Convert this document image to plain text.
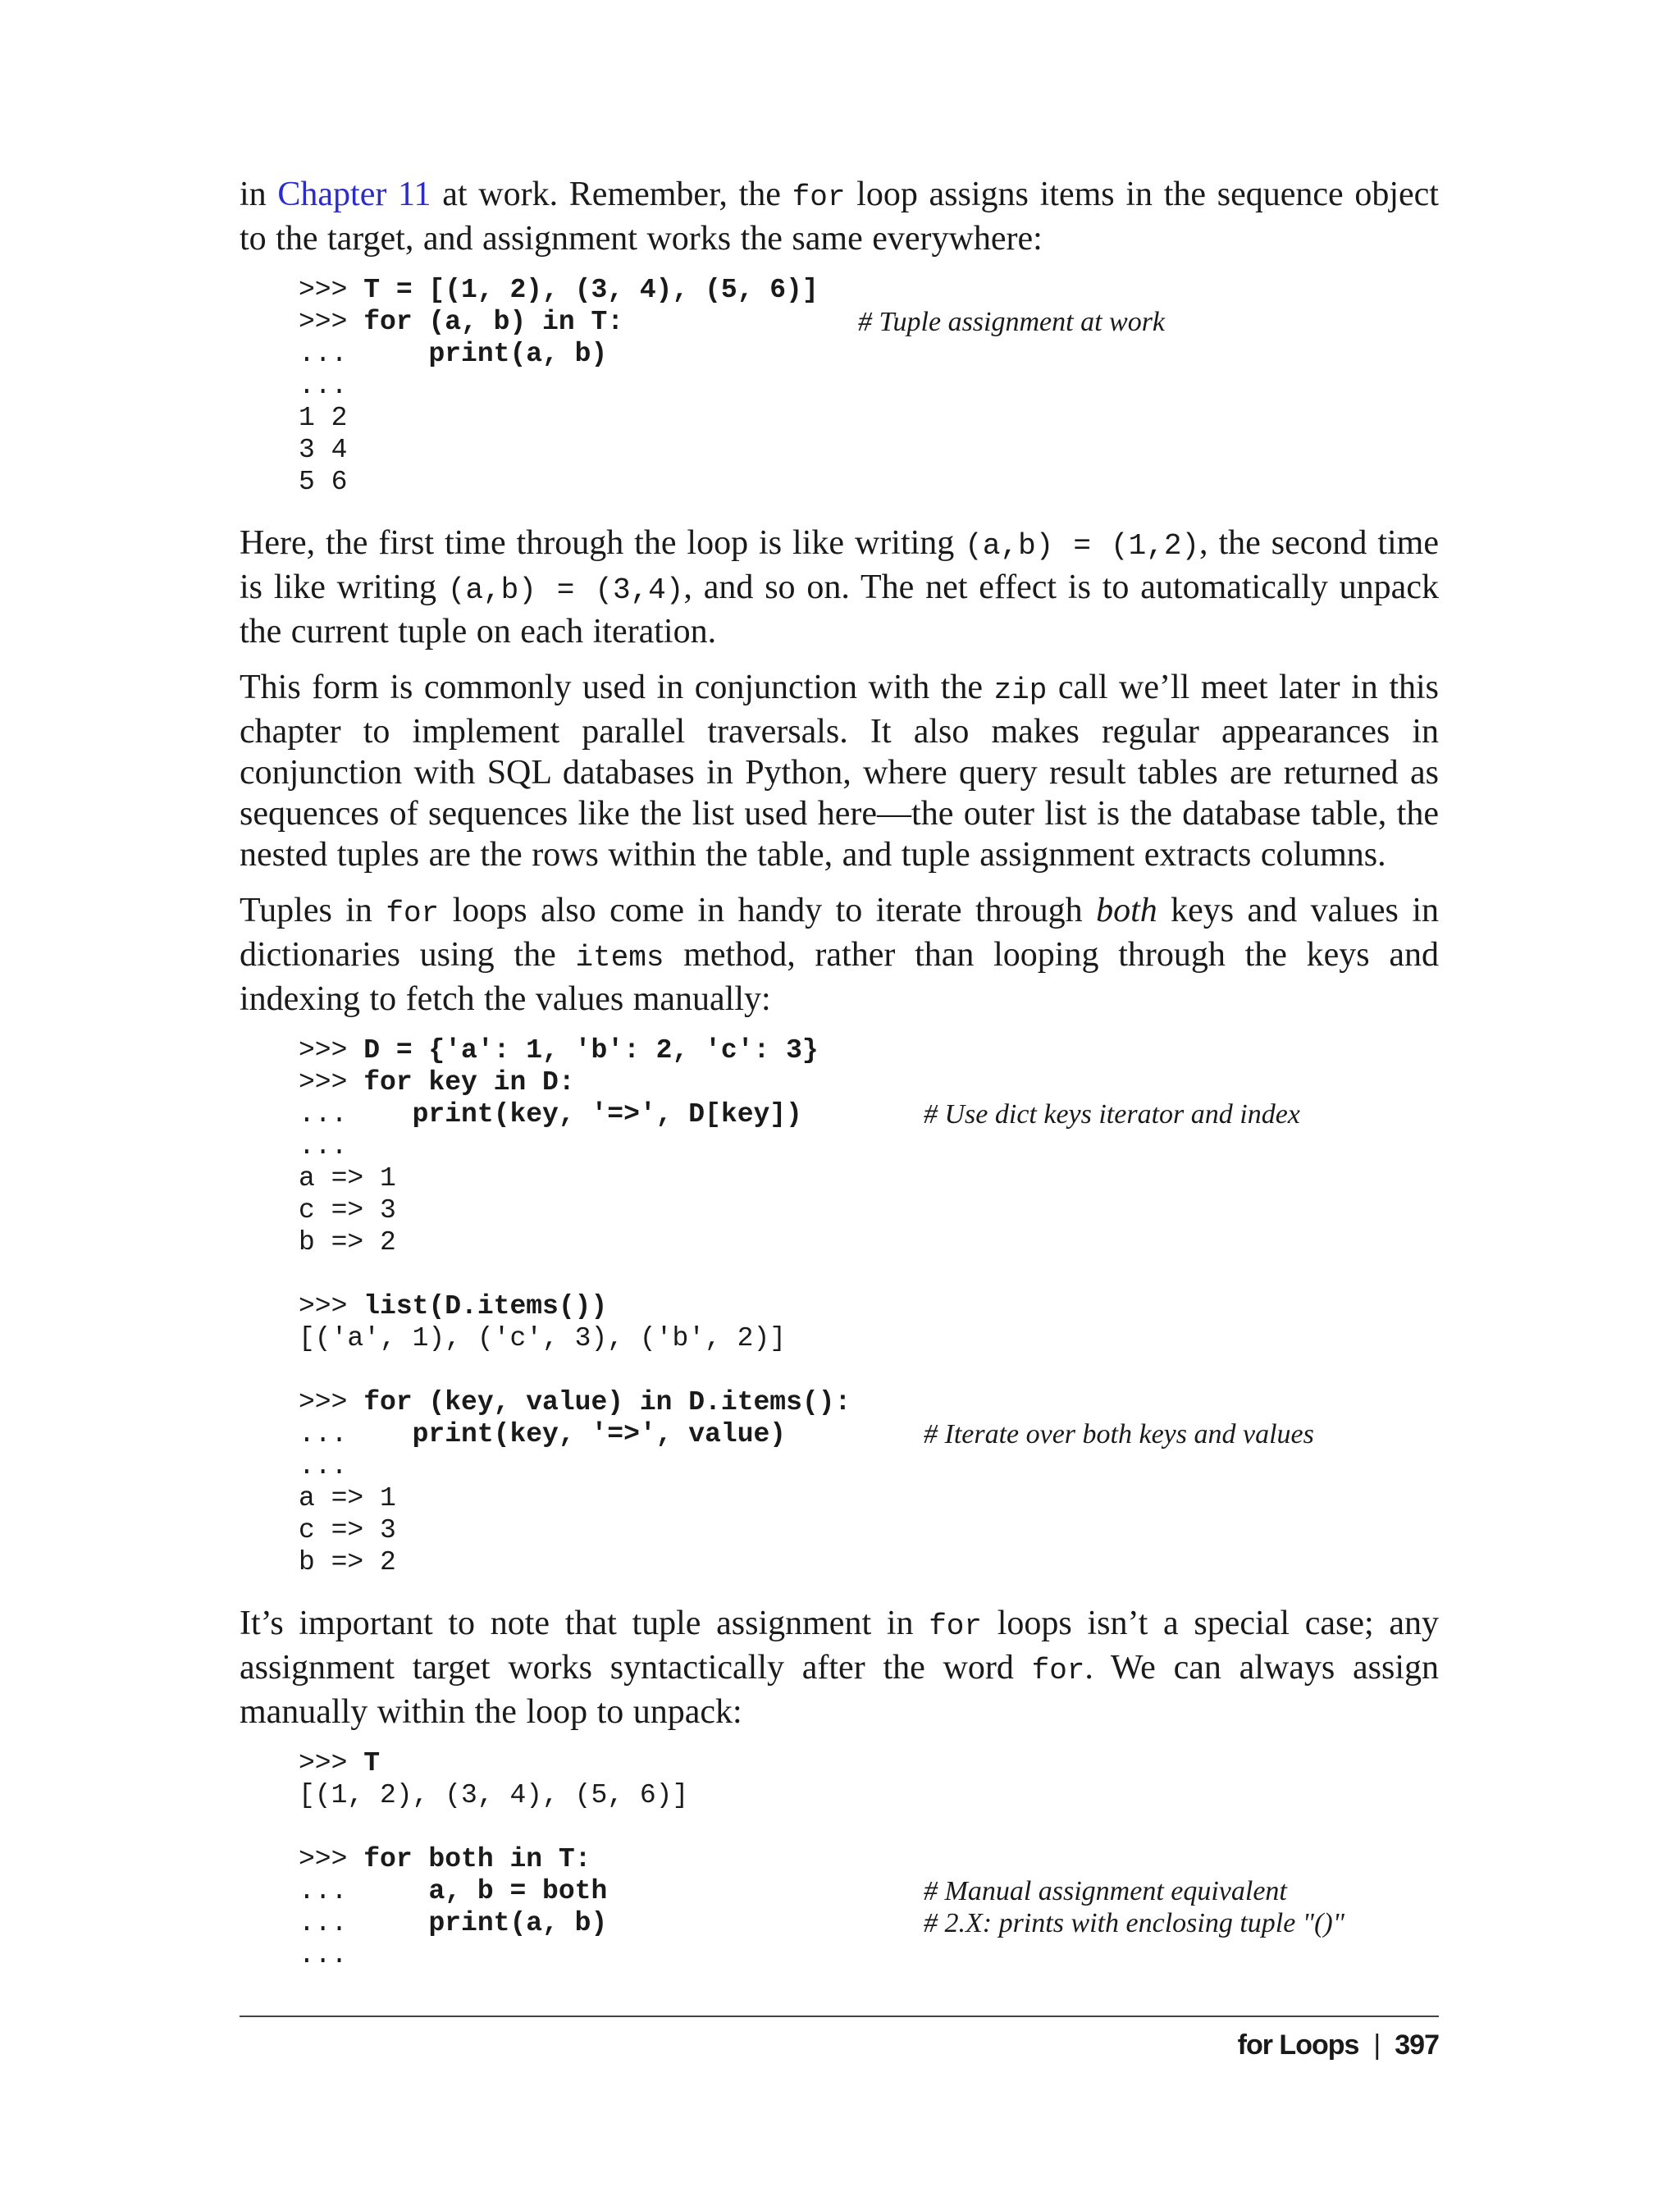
in Chapter 11 at work. Remember, the for loop assigns items in the sequence object to the target, and assignment works the same everywhere:

>>> T = [(1, 2), (3, 4), (5, 6)]
>>> for (a, b) in T:	# Tuple assignment at work
...     print(a, b)
...
1 2
3 4
5 6

Here, the first time through the loop is like writing (a,b) = (1,2), the second time is like writing (a,b) = (3,4), and so on. The net effect is to automatically unpack the current tuple on each iteration.

This form is commonly used in conjunction with the zip call we’ll meet later in this chapter to implement parallel traversals. It also makes regular appearances in conjunction with SQL databases in Python, where query result tables are returned as sequences of sequences like the list used here—the outer list is the database table, the nested tuples are the rows within the table, and tuple assignment extracts columns.

Tuples in for loops also come in handy to iterate through both keys and values in dictionaries using the items method, rather than looping through the keys and indexing to fetch the values manually:

>>> D = {'a': 1, 'b': 2, 'c': 3}
>>> for key in D:
...    print(key, '=>', D[key])	# Use dict keys iterator and index
...
a => 1
c => 3
b => 2
>>> list(D.items())
[('a', 1), ('c', 3), ('b', 2)]
>>> for (key, value) in D.items():
...    print(key, '=>', value)	# Iterate over both keys and values
...
a => 1
c => 3
b => 2

It’s important to note that tuple assignment in for loops isn’t a special case; any assignment target works syntactically after the word for. We can always assign manually within the loop to unpack:

>>> T
[(1, 2), (3, 4), (5, 6)]
>>> for both in T:
...     a, b = both	# Manual assignment equivalent
...     print(a, b)	# 2.X: prints with enclosing tuple "()"
...
for Loops | 397
